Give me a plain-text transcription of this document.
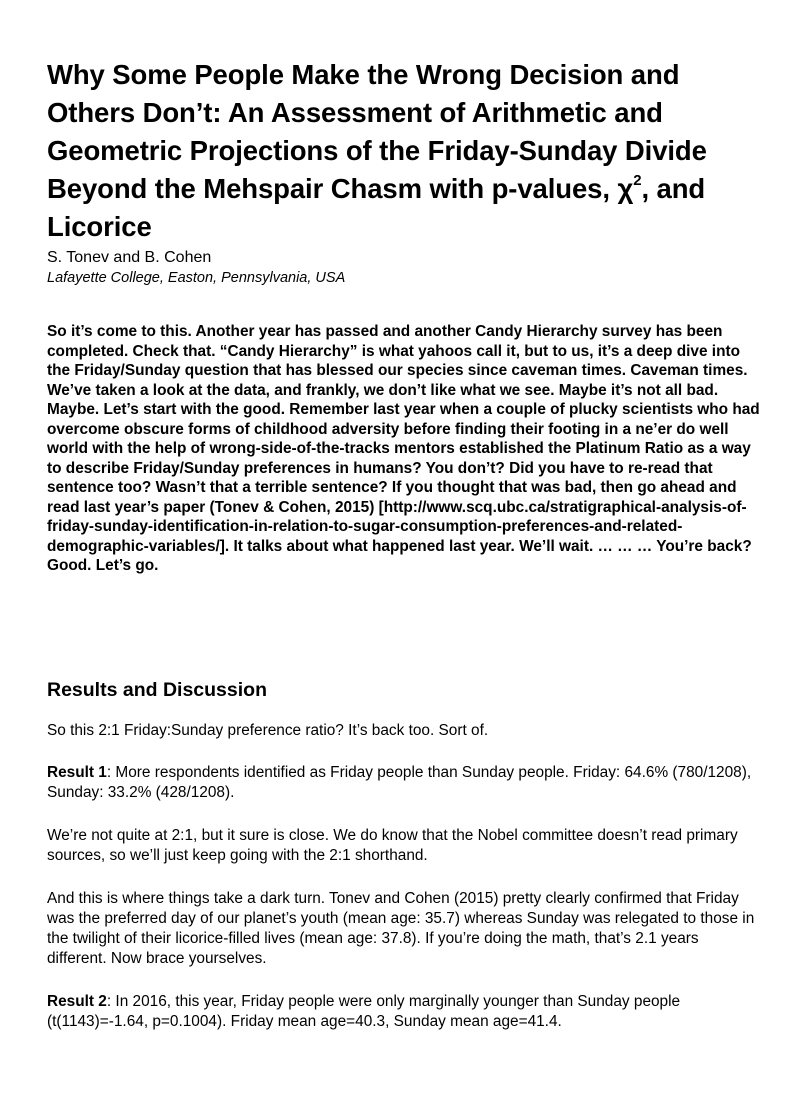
Why Some People Make the Wrong Decision and Others Don’t: An Assessment of Arithmetic and Geometric Projections of the Friday-Sunday Divide Beyond the Mehspair Chasm with p-values, $\chi^2$, and Licorice

S. Tonev and B. Cohen

Lafayette College, Easton, Pennsylvania, USA

So it’s come to this. Another year has passed and another Candy Hierarchy survey has been completed. Check that. “Candy Hierarchy” is what yahoos call it, but to us, it’s a deep dive into the Friday/Sunday question that has blessed our species since caveman times. Caveman times. We’ve taken a look at the data, and frankly, we don’t like what we see. Maybe it’s not all bad. Maybe. Let’s start with the good. Remember last year when a couple of plucky scientists who had overcome obscure forms of childhood adversity before finding their footing in a ne’er do well world with the help of wrong-side-of-the-tracks mentors established the Platinum Ratio as a way to describe Friday/Sunday preferences in humans? You don’t? Did you have to re-read that sentence too? Wasn’t that a terrible sentence? If you thought that was bad, then go ahead and read last year’s paper (Tonev & Cohen, 2015) [http://www.scq.ubc.ca/stratigraphical-analysis-of-friday-sunday-identification-in-relation-to-sugar-consumption-preferences-and-related-demographic-variables/]. It talks about what happened last year. We’ll wait. … … … You’re back? Good. Let’s go.

Results and Discussion

So this 2:1 Friday:Sunday preference ratio? It’s back too. Sort of.

Result 1: More respondents identified as Friday people than Sunday people. Friday: 64.6% (780/1208), Sunday: 33.2% (428/1208).

We’re not quite at 2:1, but it sure is close. We do know that the Nobel committee doesn’t read primary sources, so we’ll just keep going with the 2:1 shorthand.

And this is where things take a dark turn. Tonev and Cohen (2015) pretty clearly confirmed that Friday was the preferred day of our planet’s youth (mean age: 35.7) whereas Sunday was relegated to those in the twilight of their licorice-filled lives (mean age: 37.8). If you’re doing the math, that’s 2.1 years different. Now brace yourselves.

Result 2: In 2016, this year, Friday people were only marginally younger than Sunday people (t(1143)=-1.64, p=0.1004). Friday mean age=40.3, Sunday mean age=41.4.
